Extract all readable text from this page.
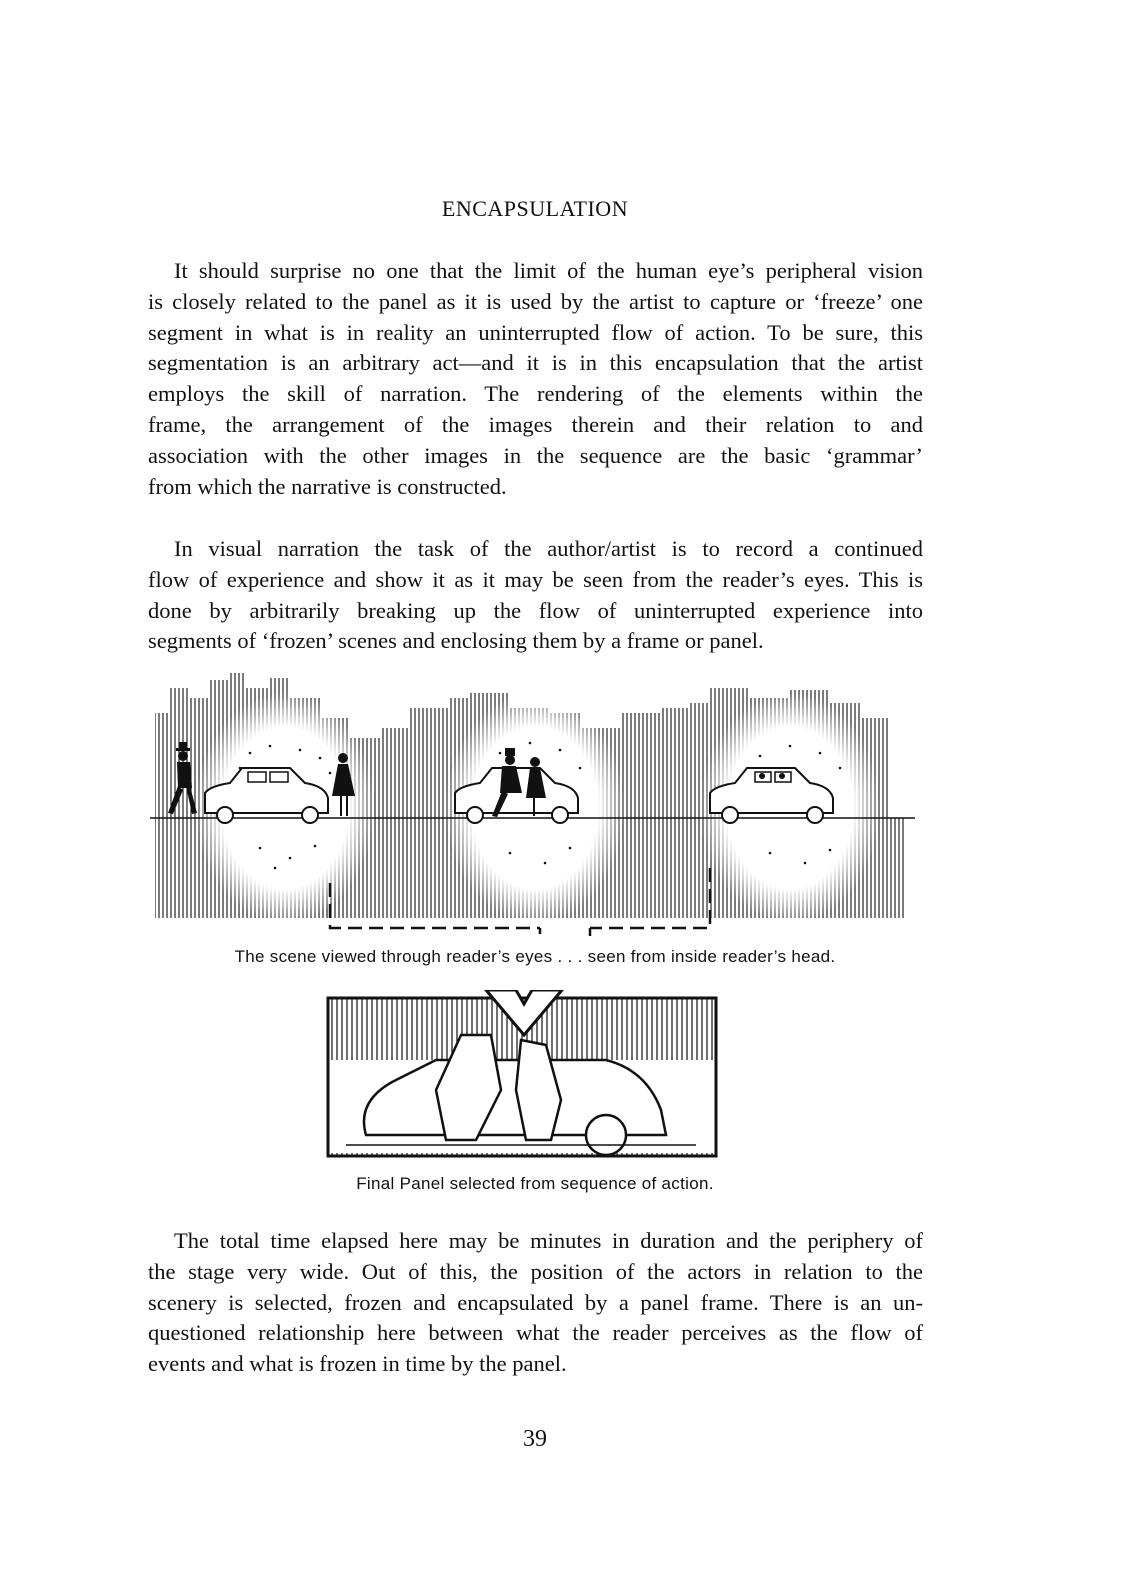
ENCAPSULATION
It should surprise no one that the limit of the human eye’s peripheral vision
is closely related to the panel as it is used by the artist to capture or ‘freeze’ one
segment in what is in reality an uninterrupted flow of action. To be sure, this
segmentation is an arbitrary act—and it is in this encapsulation that the artist
employs the skill of narration. The rendering of the elements within the
frame, the arrangement of the images therein and their relation to and
association with the other images in the sequence are the basic ‘grammar’
from which the narrative is constructed.
In visual narration the task of the author/artist is to record a continued
flow of experience and show it as it may be seen from the reader’s eyes. This is
done by arbitrarily breaking up the flow of uninterrupted experience into
segments of ‘frozen’ scenes and enclosing them by a frame or panel.
The scene viewed through reader’s eyes . . . seen from inside reader’s head.
Final Panel selected from sequence of action.
The total time elapsed here may be minutes in duration and the periphery of
the stage very wide. Out of this, the position of the actors in relation to the
scenery is selected, frozen and encapsulated by a panel frame. There is an un-
questioned relationship here between what the reader perceives as the flow of
events and what is frozen in time by the panel.
39
